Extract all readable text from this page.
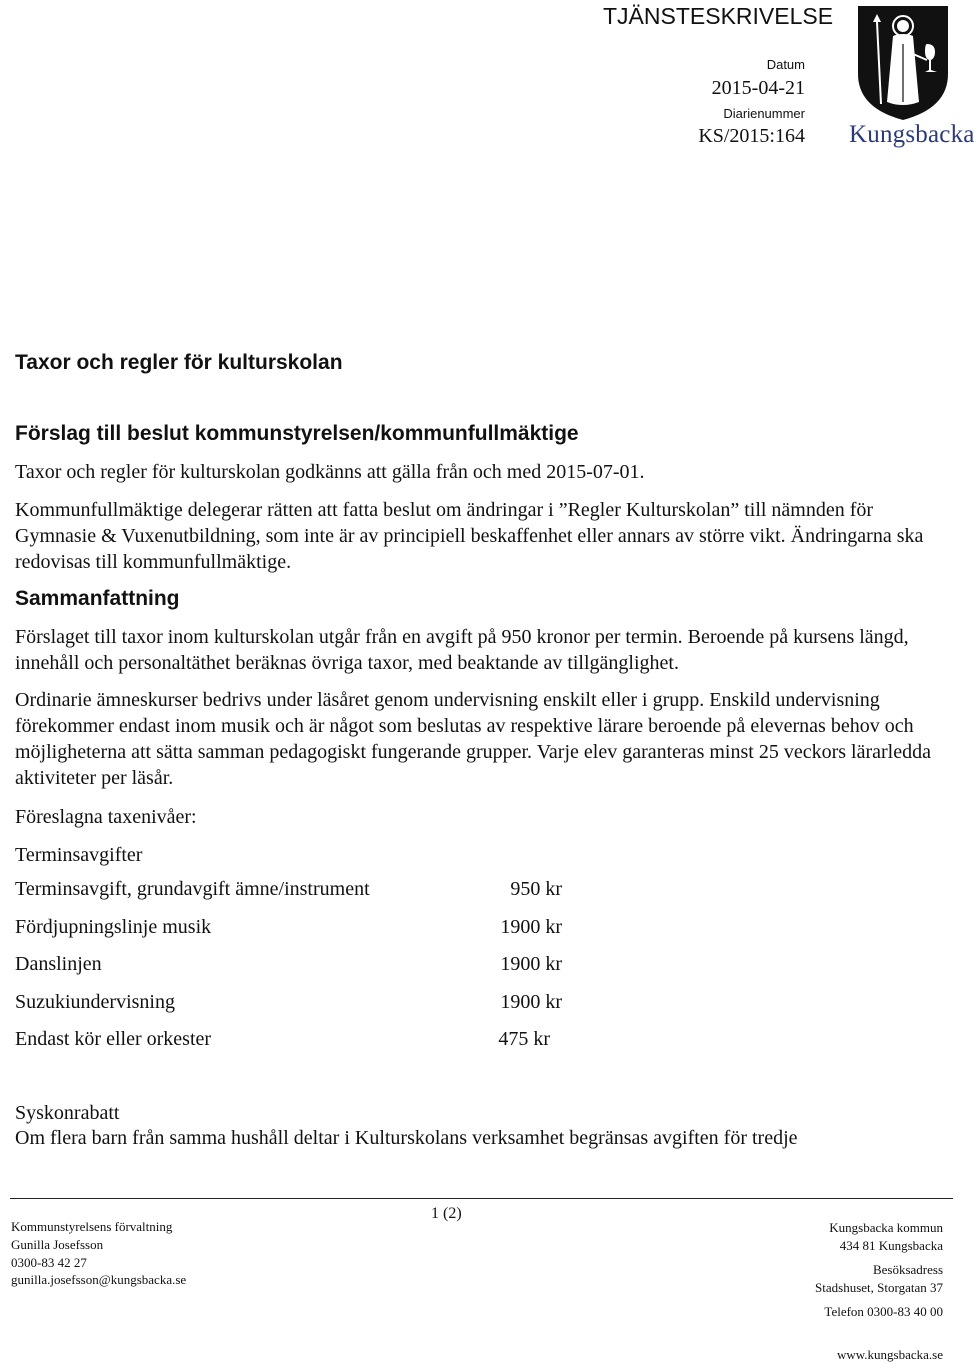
TJÄNSTESKRIVELSE
Datum
2015-04-21
Diarienummer
KS/2015:164 Kungsbacka
Taxor och regler för kulturskolan
Förslag till beslut kommunstyrelsen/kommunfullmäktige

Taxor och regler för kulturskolan godkänns att gälla från och med 2015-07-01.

Kommunfullmäktige delegerar rätten att fatta beslut om ändringar i ”Regler Kulturskolan” till nämnden för Gymnasie & Vuxenutbildning, som inte är av principiell beskaffenhet eller annars av större vikt. Ändringarna ska redovisas till kommunfullmäktige.

Sammanfattning

Förslaget till taxor inom kulturskolan utgår från en avgift på 950 kronor per termin. Beroende på kursens längd, innehåll och personaltäthet beräknas övriga taxor, med beaktande av tillgänglighet.

Ordinarie ämneskurser bedrivs under läsåret genom undervisning enskilt eller i grupp. Enskild undervisning förekommer endast inom musik och är något som beslutas av respektive lärare beroende på elevernas behov och möjligheterna att sätta samman pedagogiskt fungerande grupper. Varje elev garanteras minst 25 veckors lärarledda aktiviteter per läsår.

Föreslagna taxenivåer:

Terminsavgifter

Terminsavgift, grundavgift ämne/instrument	950 kr
Fördjupningslinje musik	1900 kr
Danslinjen	1900 kr
Suzukiundervisning	1900 kr
Endast kör eller orkester	475 kr

Syskonrabatt

Om flera barn från samma hushåll deltar i Kulturskolans verksamhet begränsas avgiften för tredje

1 (2)
Kommunstyrelsens förvaltning
Gunilla Josefsson
0300-83 42 27
gunilla.josefsson@kungsbacka.se
Kungsbacka kommun
434 81 Kungsbacka
Besöksadress
Stadshuset, Storgatan 37
Telefon 0300-83 40 00
www.kungsbacka.se
